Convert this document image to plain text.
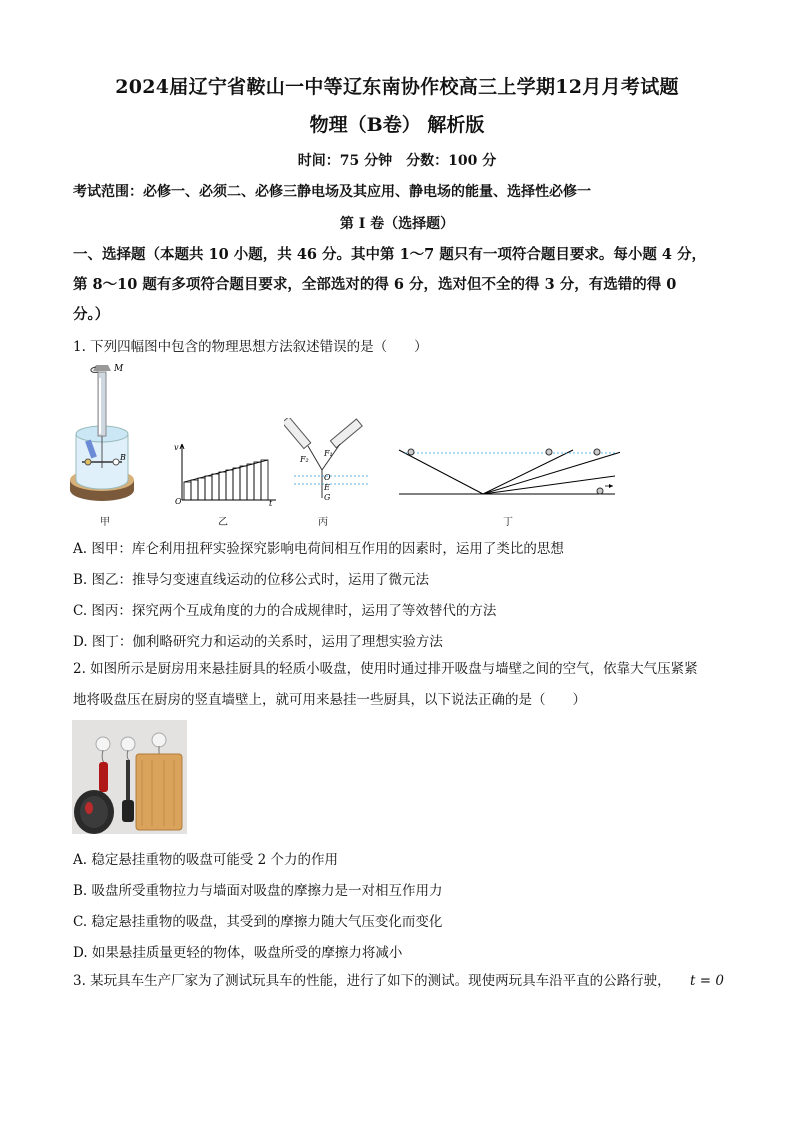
2024届辽宁省鞍山一中等辽东南协作校高三上学期12月月考试题
物理（B卷） 解析版
时间：75 分钟　分数：100 分
考试范围：必修一、必须二、必修三静电场及其应用、静电场的能量、选择性必修一
第 I 卷（选择题）
一、选择题（本题共 10 小题，共 46 分。其中第 1～7 题只有一项符合题目要求。每小题 4 分，
第 8～10 题有多项符合题目要求，全部选对的得 6 分，选对但不全的得 3 分，有选错的得 0
分。）
1. 下列四幅图中包含的物理思想方法叙述错误的是（　　）
M
B
甲
v
O	t
乙
F₁
F₂
O
E
G
丙	丁
A. 图甲：库仑利用扭秤实验探究影响电荷间相互作用的因素时，运用了类比的思想
B. 图乙：推导匀变速直线运动的位移公式时，运用了微元法
C. 图丙：探究两个互成角度的力的合成规律时，运用了等效替代的方法
D. 图丁：伽利略研究力和运动的关系时，运用了理想实验方法
2. 如图所示是厨房用来悬挂厨具的轻质小吸盘，使用时通过排开吸盘与墙壁之间的空气，依靠大气压紧紧
地将吸盘压在厨房的竖直墙壁上，就可用来悬挂一些厨具，以下说法正确的是（　　）
A. 稳定悬挂重物的吸盘可能受 2 个力的作用
B. 吸盘所受重物拉力与墙面对吸盘的摩擦力是一对相互作用力
C. 稳定悬挂重物的吸盘，其受到的摩擦力随大气压变化而变化
D. 如果悬挂质量更轻的物体，吸盘所受的摩擦力将减小
3. 某玩具车生产厂家为了测试玩具车的性能，进行了如下的测试。现使两玩具车沿平直的公路行驶， t = 0
